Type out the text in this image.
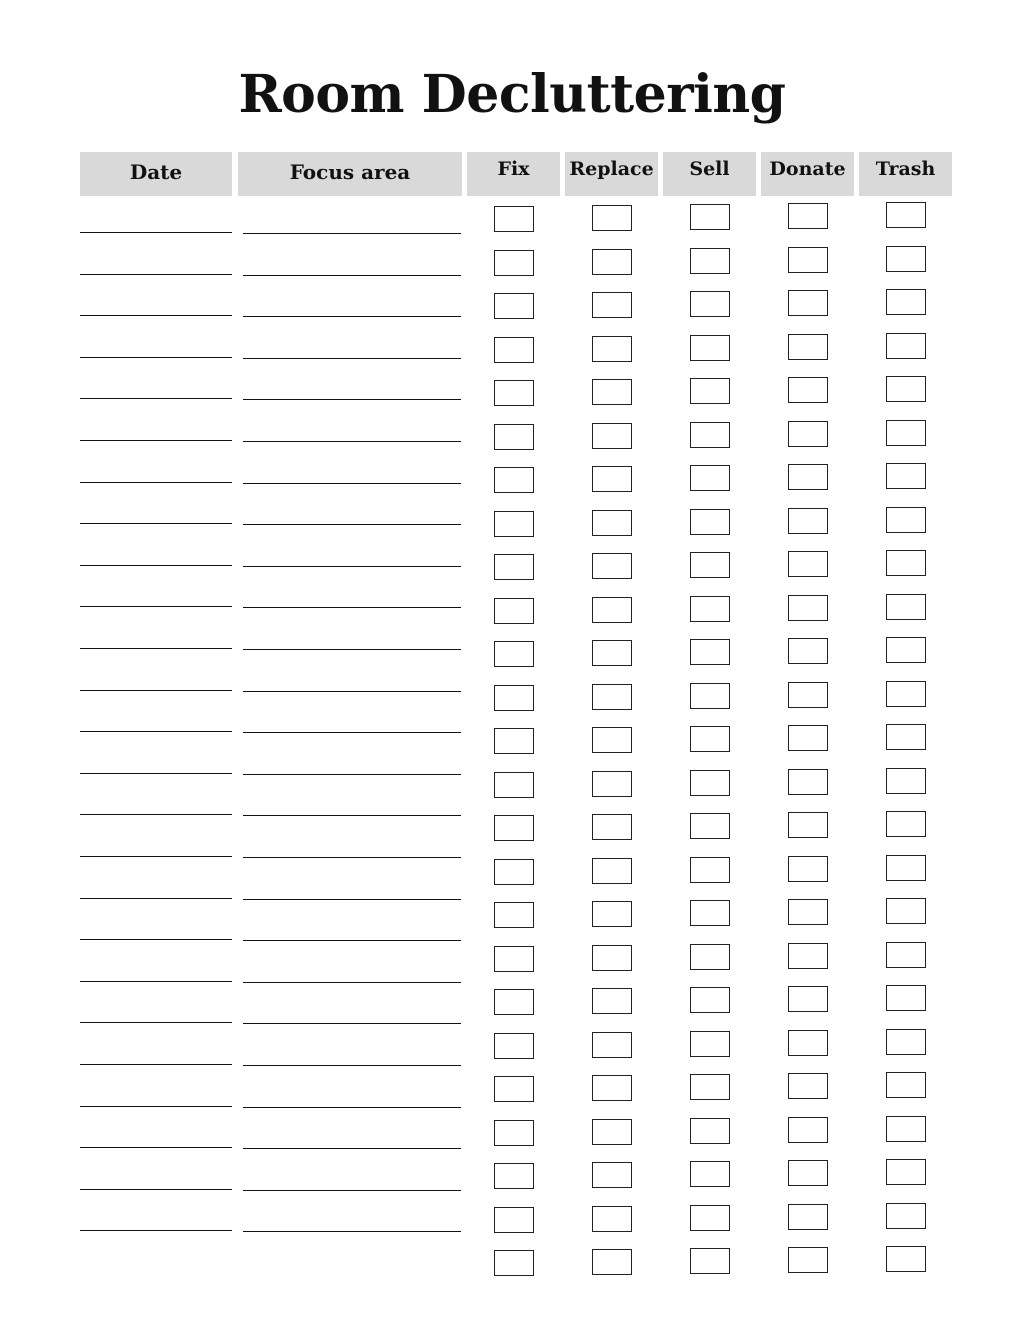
Room Decluttering
Date	Focus area	Fix	Replace	Sell	Donate	Trash
